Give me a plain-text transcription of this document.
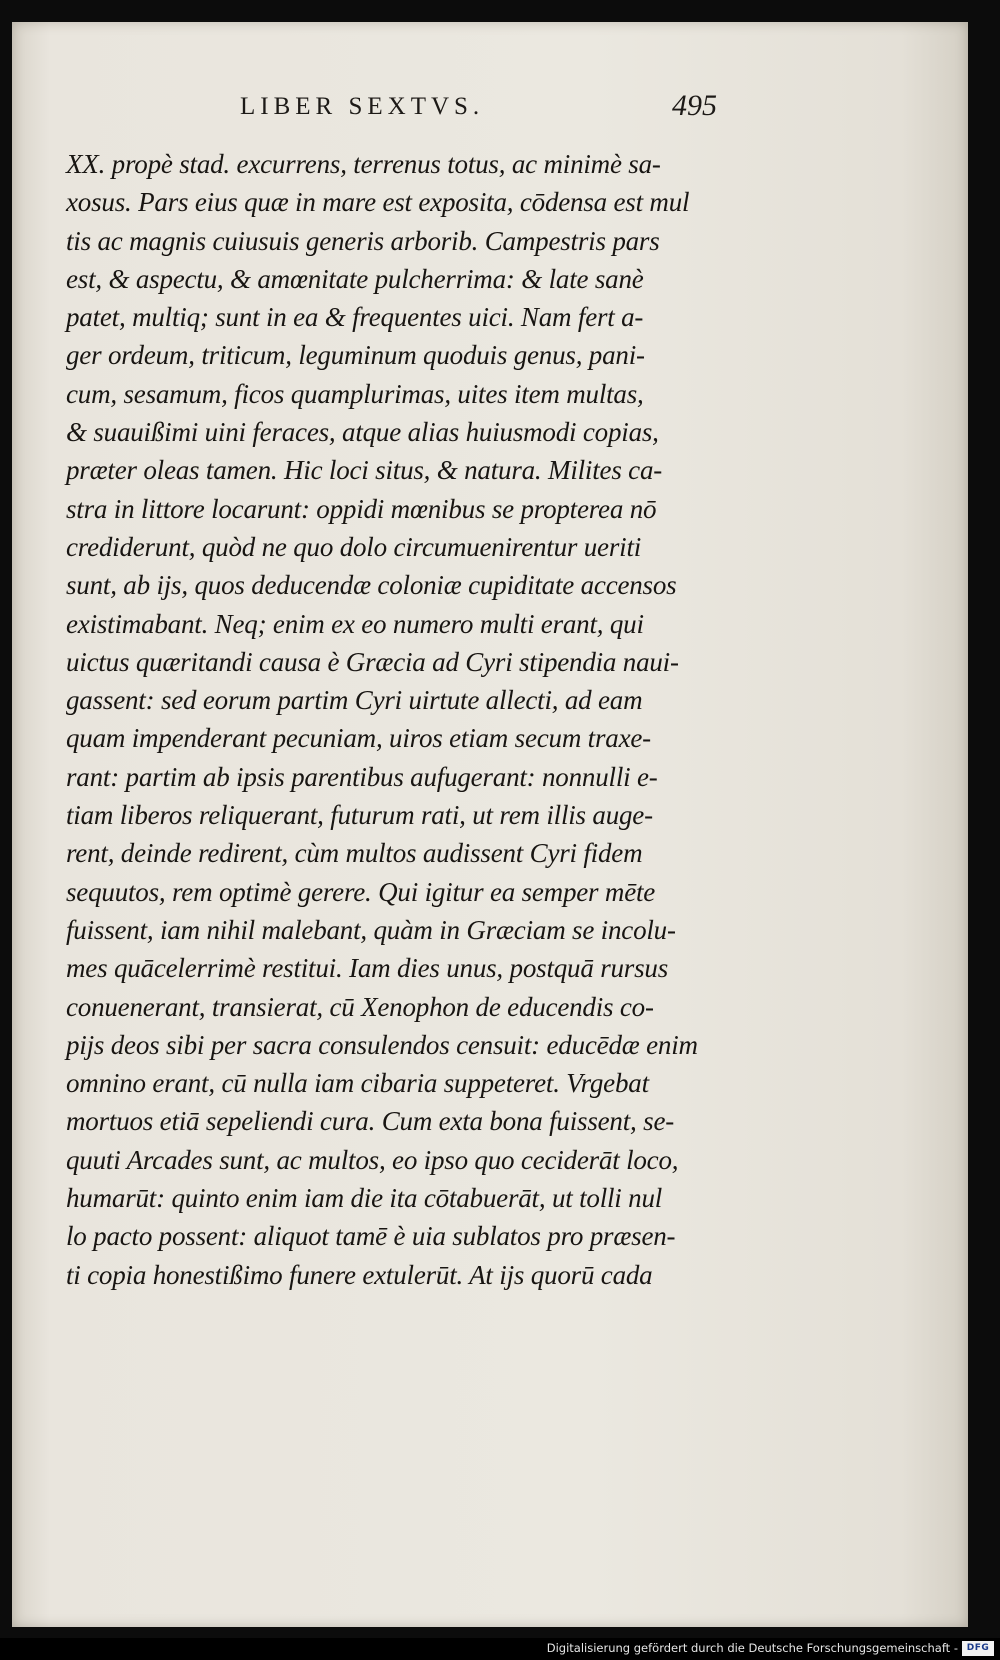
LIBER SEXTVS.	495
XX. propè stad. excurrens, terrenus totus, ac minimè sa-
xosus. Pars eius quæ in mare est exposita, cōdensa est mul
tis ac magnis cuiusuis generis arborib. Campestris pars
est, & aspectu, & amœnitate pulcherrima: & late sanè
patet, multiq; sunt in ea & frequentes uici. Nam fert a-
ger ordeum, triticum, leguminum quoduis genus, pani-
cum, sesamum, ficos quamplurimas, uites item multas,
& suauißimi uini feraces, atque alias huiusmodi copias,
præter oleas tamen. Hic loci situs, & natura. Milites ca-
stra in littore locarunt: oppidi mœnibus se propterea nō
crediderunt, quòd ne quo dolo circumuenirentur ueriti
sunt, ab ijs, quos deducendæ coloniæ cupiditate accensos
existimabant. Neq; enim ex eo numero multi erant, qui
uictus quæritandi causa è Græcia ad Cyri stipendia naui-
gassent: sed eorum partim Cyri uirtute allecti, ad eam
quam impenderant pecuniam, uiros etiam secum traxe-
rant: partim ab ipsis parentibus aufugerant: nonnulli e-
tiam liberos reliquerant, futurum rati, ut rem illis auge-
rent, deinde redirent, cùm multos audissent Cyri fidem
sequutos, rem optimè gerere. Qui igitur ea semper mēte
fuissent, iam nihil malebant, quàm in Græciam se incolu-
mes quācelerrimè restitui. Iam dies unus, postquā rursus
conuenerant, transierat, cū Xenophon de educendis co-
pijs deos sibi per sacra consulendos censuit: educēdæ enim
omnino erant, cū nulla iam cibaria suppeteret. Vrgebat
mortuos etiā sepeliendi cura. Cum exta bona fuissent, se-
quuti Arcades sunt, ac multos, eo ipso quo ceciderāt loco,
humarūt: quinto enim iam die ita cōtabuerāt, ut tolli nul
lo pacto possent: aliquot tamē è uia sublatos pro præsen-
ti copia honestißimo funere extulerūt. At ijs quorū cada
Digitalisierung gefördert durch die Deutsche Forschungsgemeinschaft - DFG
